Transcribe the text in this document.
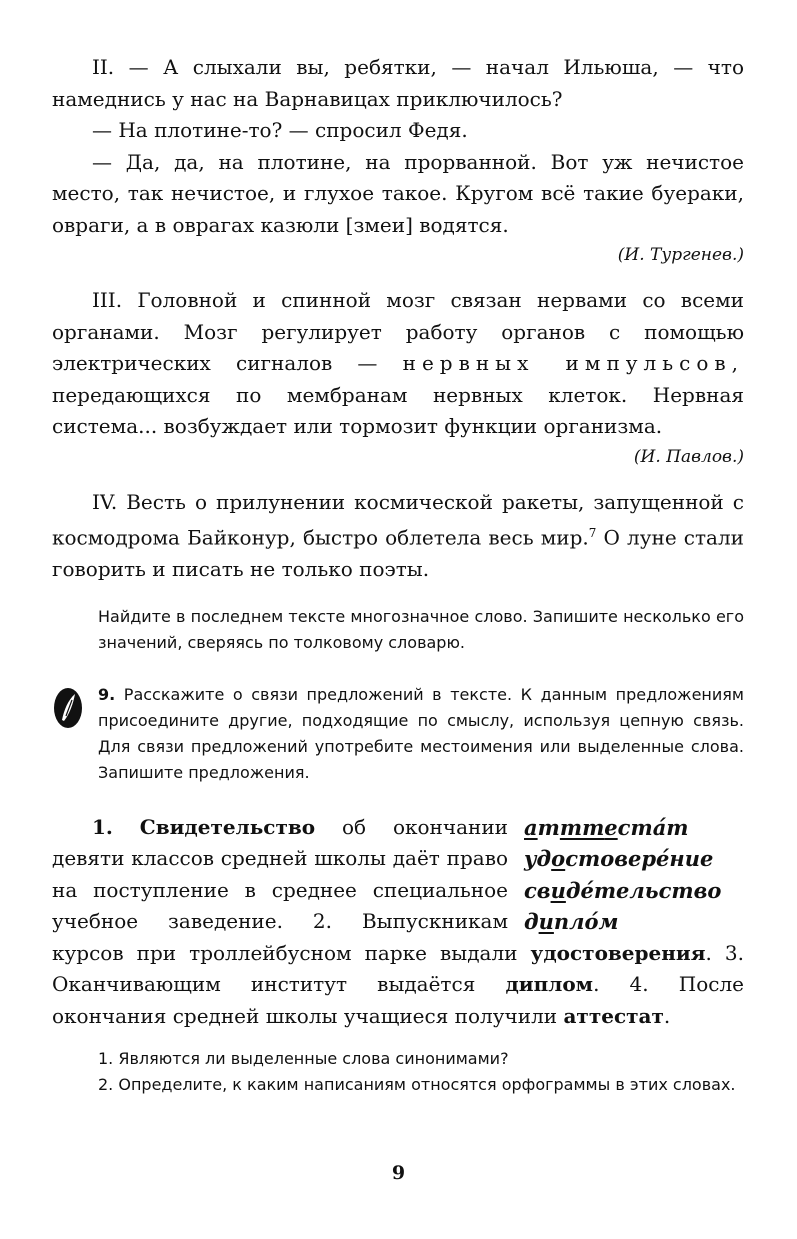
II. — А слыхали вы, ребятки, — начал Ильюша, — что намеднись у нас на Варнавицах приключилось?

— На плотине-то? — спросил Федя.

— Да, да, на плотине, на прорванной. Вот уж нечистое место, так нечистое, и глухое такое. Кругом всё такие буераки, овраги, а в оврагах казюли [змеи] водятся.

(И. Тургенев.)

III. Головной и спинной мозг связан нервами со всеми органами. Мозг регулирует работу органов с помощью электрических сигналов — нервных импульсов, передающихся по мембранам нервных клеток. Нервная система... возбуждает или тормозит функции организма.

(И. Павлов.)

IV. Весть о прилунении космической ракеты, запущенной с космодрома Байконур, быстро облетела весь мир.$^7$ О луне стали говорить и писать не только поэты.

Найдите в последнем тексте многозначное слово. Запишите несколько его значений, сверяясь по толковому словарю.

9. Расскажите о связи предложений в тексте. К данным предложениям присоедините другие, подходящие по смыслу, используя цепную связь. Для связи предложений употребите местоимения или выделенные слова. Запишите предложения.

атттеста́т
удостовере́ние
свиде́тельство
дипло́м

1. Свидетельство об окончании девяти классов средней школы даёт право на поступление в среднее специальное учебное заведение. 2. Выпускникам курсов при троллейбусном парке выдали удостоверения. 3. Оканчивающим институт выдаётся диплом. 4. После окончания средней школы учащиеся получили аттестат.

1. Являются ли выделенные слова синонимами?

2. Определите, к каким написаниям относятся орфограммы в этих словах.

9
